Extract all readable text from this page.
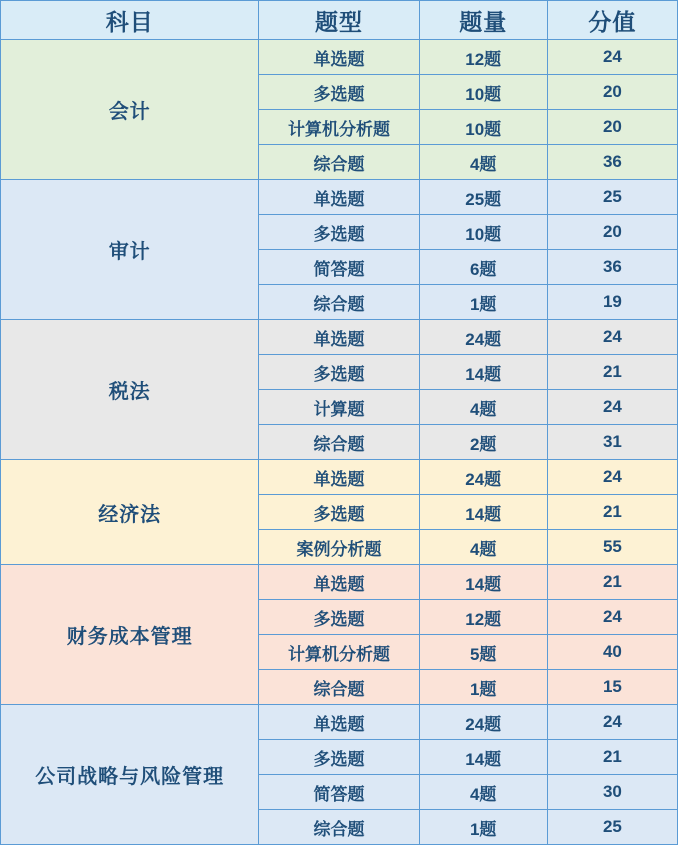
科目	题型	题量	分值
会计	单选题	12题	24
	多选题	10题	20
	计算机分析题	10题	20
	综合题	4题	36
审计	单选题	25题	25
	多选题	10题	20
	简答题	6题	36
	综合题	1题	19
税法	单选题	24题	24
	多选题	14题	21
	计算题	4题	24
	综合题	2题	31
经济法	单选题	24题	24
	多选题	14题	21
	案例分析题	4题	55
财务成本管理	单选题	14题	21
	多选题	12题	24
	计算机分析题	5题	40
	综合题	1题	15
公司战略与风险管理	单选题	24题	24
	多选题	14题	21
	简答题	4题	30
	综合题	1题	25
